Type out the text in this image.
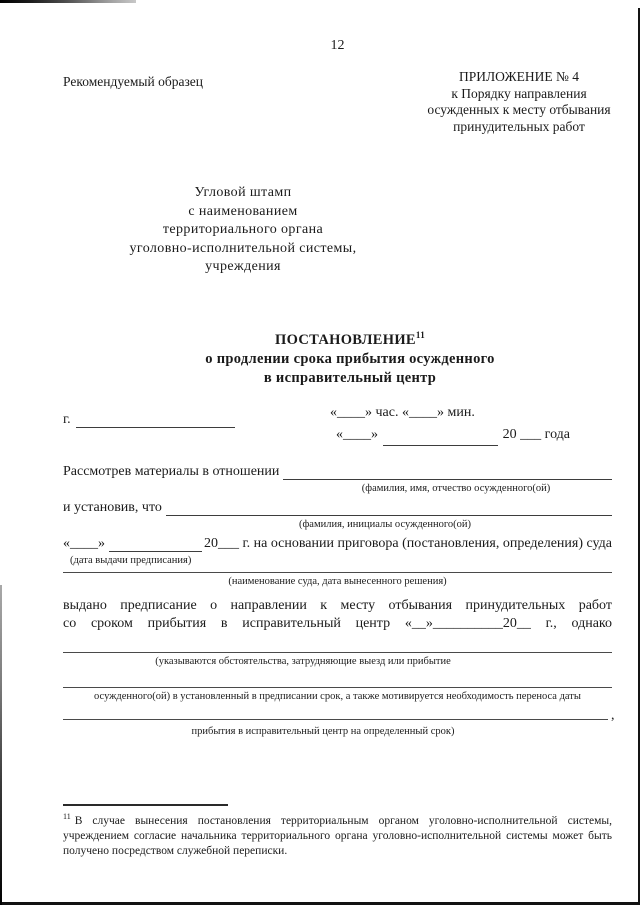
12
Рекомендуемый образец	ПРИЛОЖЕНИЕ № 4
к Порядку направления
осужденных к месту отбывания
принудительных работ
Угловой штамп
с наименованием
территориального органа
уголовно-исполнительной системы,
учреждения
ПОСТАНОВЛЕНИЕ$^{11}$
о продлении срока прибытия осужденного
в исправительный центр
г.	«____» час. «____» мин.
«____»	20 ___ года
Рассмотрев материалы в отношении
(фамилия, имя, отчество осужденного(ой)
и установив, что
(фамилия, инициалы осужденного(ой)
«____»	20___ г. на основании приговора (постановления, определения) суда
(дата выдачи предписания)
(наименование суда, дата вынесенного решения)
выдано предписание о направлении к месту отбывания принудительных работ
со сроком прибытия в исправительный центр «__»__________20__ г., однако
(указываются обстоятельства, затрудняющие выезд или прибытие
осужденного(ой) в установленный в предписании срок, а также мотивируется необходимость переноса даты
,
прибытия в исправительный центр на определенный срок)
$^{11}$ В случае вынесения постановления территориальным органом уголовно-исполнительной системы, учреждением согласие начальника территориального органа уголовно-исполнительной системы может быть получено посредством служебной переписки.
